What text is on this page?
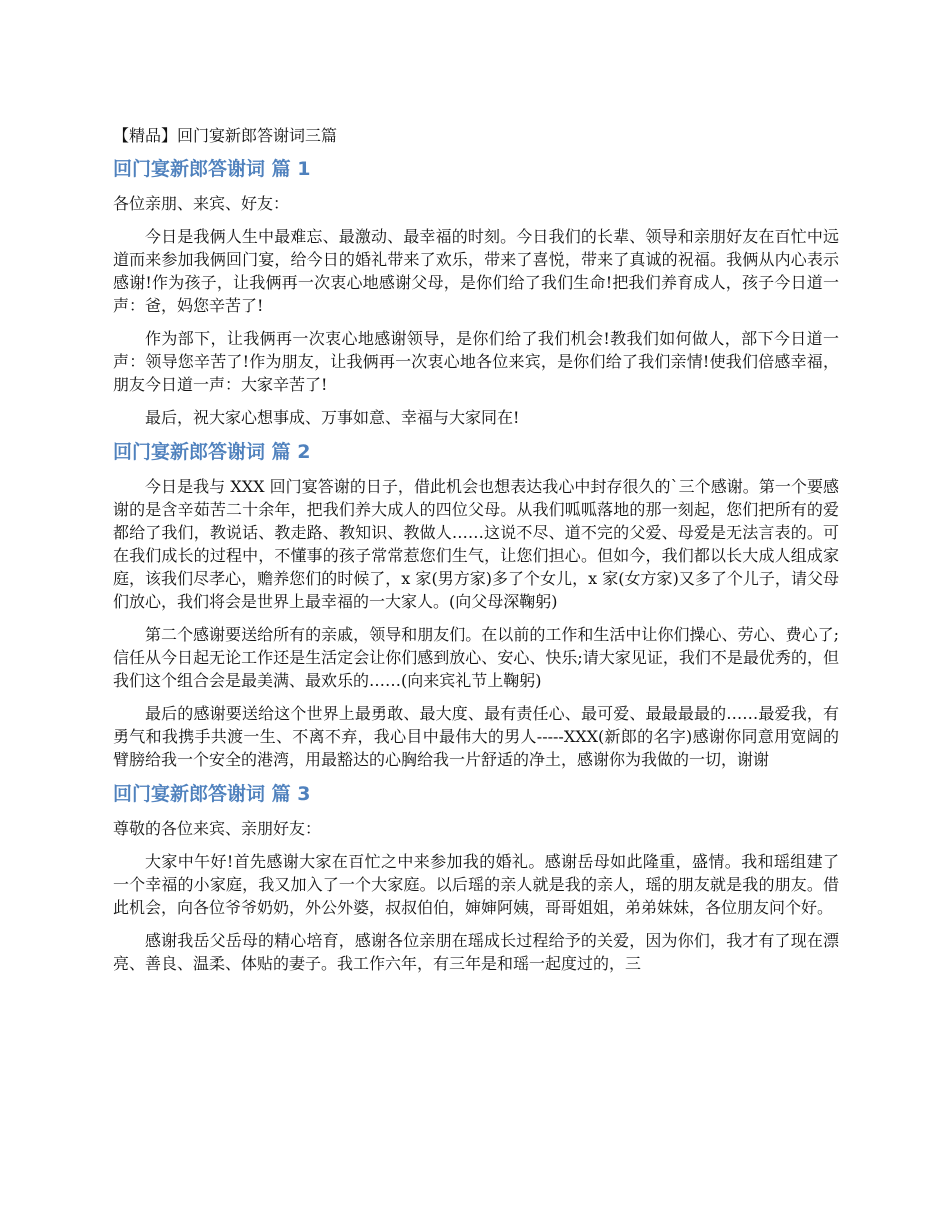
【精品】回门宴新郎答谢词三篇
回门宴新郎答谢词 篇 1

各位亲朋、来宾、好友：

今日是我俩人生中最难忘、最激动、最幸福的时刻。今日我们的长辈、领导和亲朋好友在百忙中远道而来参加我俩回门宴，给今日的婚礼带来了欢乐，带来了喜悦，带来了真诚的祝福。我俩从内心表示感谢!作为孩子，让我俩再一次衷心地感谢父母，是你们给了我们生命!把我们养育成人，孩子今日道一声：爸，妈您辛苦了!

作为部下，让我俩再一次衷心地感谢领导，是你们给了我们机会!教我们如何做人，部下今日道一声：领导您辛苦了!作为朋友，让我俩再一次衷心地各位来宾，是你们给了我们亲情!使我们倍感幸福，朋友今日道一声：大家辛苦了!

最后，祝大家心想事成、万事如意、幸福与大家同在!

回门宴新郎答谢词 篇 2

今日是我与 XXX 回门宴答谢的日子，借此机会也想表达我心中封存很久的`三个感谢。第一个要感谢的是含辛茹苦二十余年，把我们养大成人的四位父母。从我们呱呱落地的那一刻起，您们把所有的爱都给了我们，教说话、教走路、教知识、教做人……这说不尽、道不完的父爱、母爱是无法言表的。可在我们成长的过程中，不懂事的孩子常常惹您们生气，让您们担心。但如今，我们都以长大成人组成家庭，该我们尽孝心，赡养您们的时候了，x 家(男方家)多了个女儿，x 家(女方家)又多了个儿子，请父母们放心，我们将会是世界上最幸福的一大家人。(向父母深鞠躬)

第二个感谢要送给所有的亲戚，领导和朋友们。在以前的工作和生活中让你们操心、劳心、费心了;信任从今日起无论工作还是生活定会让你们感到放心、安心、快乐;请大家见证，我们不是最优秀的，但我们这个组合会是最美满、最欢乐的……(向来宾礼节上鞠躬)

最后的感谢要送给这个世界上最勇敢、最大度、最有责任心、最可爱、最最最最的……最爱我，有勇气和我携手共渡一生、不离不弃，我心目中最伟大的男人-----XXX(新郎的名字)感谢你同意用宽阔的臂膀给我一个安全的港湾，用最豁达的心胸给我一片舒适的净土，感谢你为我做的一切，谢谢

回门宴新郎答谢词 篇 3

尊敬的各位来宾、亲朋好友：

大家中午好!首先感谢大家在百忙之中来参加我的婚礼。感谢岳母如此隆重，盛情。我和瑶组建了一个幸福的小家庭，我又加入了一个大家庭。以后瑶的亲人就是我的亲人，瑶的朋友就是我的朋友。借此机会，向各位爷爷奶奶，外公外婆，叔叔伯伯，婶婶阿姨，哥哥姐姐，弟弟妹妹，各位朋友问个好。

感谢我岳父岳母的精心培育，感谢各位亲朋在瑶成长过程给予的关爱，因为你们，我才有了现在漂亮、善良、温柔、体贴的妻子。我工作六年，有三年是和瑶一起度过的，三
